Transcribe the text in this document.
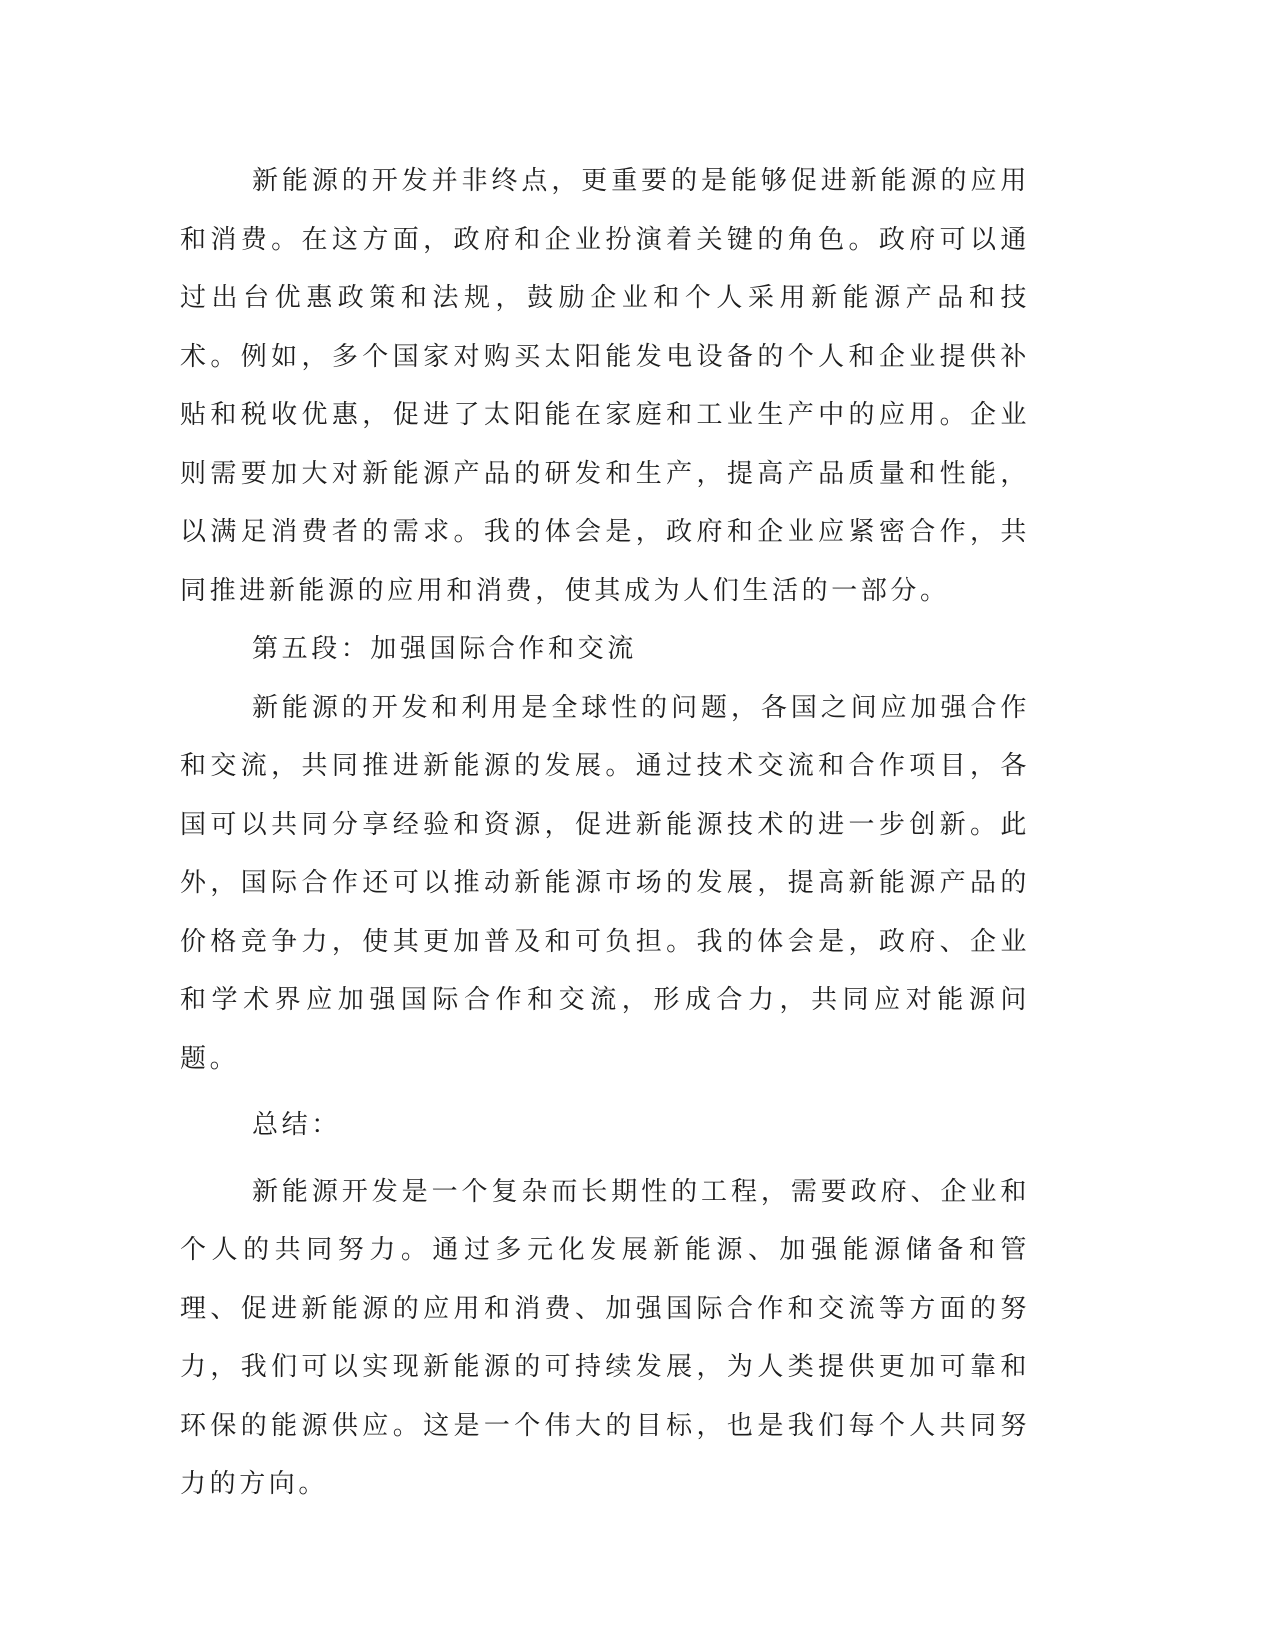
新能源的开发并非终点，更重要的是能够促进新能源的应用和消费。在这方面，政府和企业扮演着关键的角色。政府可以通过出台优惠政策和法规，鼓励企业和个人采用新能源产品和技术。例如，多个国家对购买太阳能发电设备的个人和企业提供补贴和税收优惠，促进了太阳能在家庭和工业生产中的应用。企业则需要加大对新能源产品的研发和生产，提高产品质量和性能，以满足消费者的需求。我的体会是，政府和企业应紧密合作，共同推进新能源的应用和消费，使其成为人们生活的一部分。

第五段：加强国际合作和交流

新能源的开发和利用是全球性的问题，各国之间应加强合作和交流，共同推进新能源的发展。通过技术交流和合作项目，各国可以共同分享经验和资源，促进新能源技术的进一步创新。此外，国际合作还可以推动新能源市场的发展，提高新能源产品的价格竞争力，使其更加普及和可负担。我的体会是，政府、企业和学术界应加强国际合作和交流，形成合力，共同应对能源问题。

总结：

新能源开发是一个复杂而长期性的工程，需要政府、企业和个人的共同努力。通过多元化发展新能源、加强能源储备和管理、促进新能源的应用和消费、加强国际合作和交流等方面的努力，我们可以实现新能源的可持续发展，为人类提供更加可靠和环保的能源供应。这是一个伟大的目标，也是我们每个人共同努力的方向。
